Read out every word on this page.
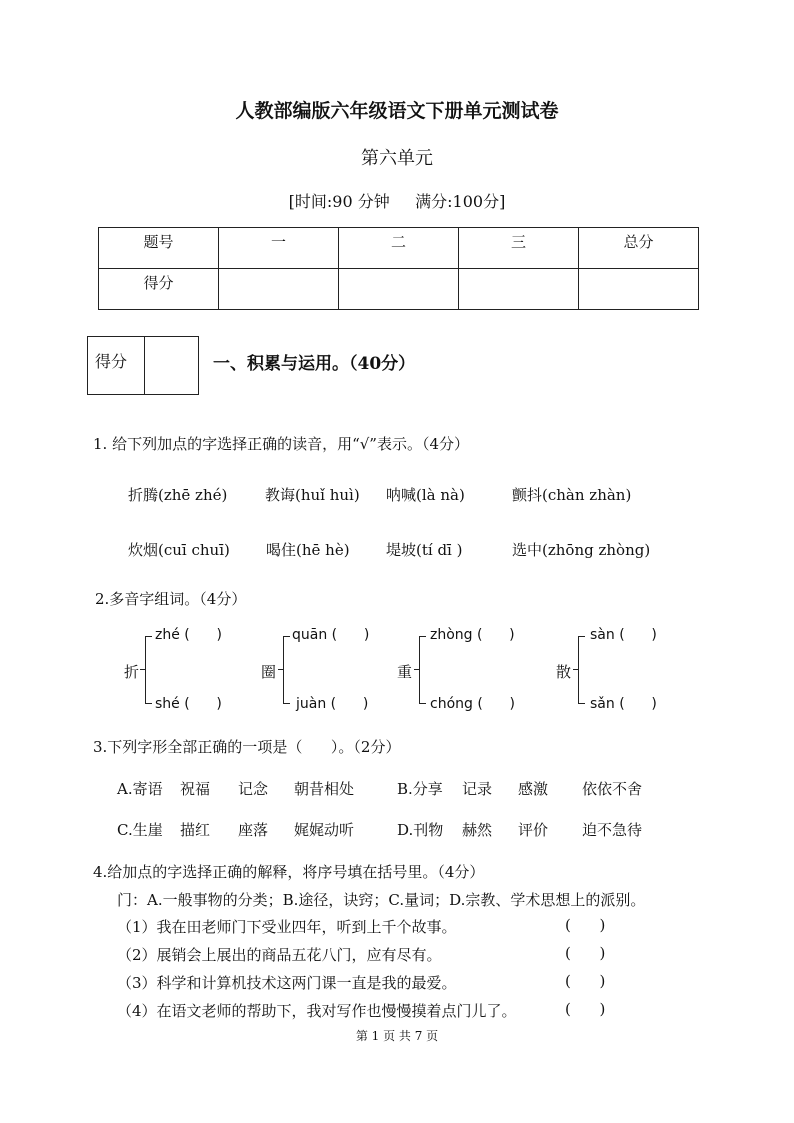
人教部编版六年级语文下册单元测试卷
第六单元
[时间:90 分钟     满分:100分]
题号	一	二	三	总分
得分				
得分	一、积累与运用。（40分）
1. 给下列加点的字选择正确的读音，用“√”表示。（4分）
折腾(zhē zhé)	教诲(huǐ huì) 呐喊(là nà)	颤抖(chàn zhàn)
炊烟(cuī chuī) 喝住(hē hè) 堤坡(tí dī )	选中(zhōng zhòng)
2.多音字组词。（4分）
折
zhé (      )
shé (      )
圈
quān (      )
juàn (      )
重
zhòng (      )
chóng (      )
散
sàn (      )
sǎn (      )
3.下列字形全部正确的一项是（      ）。（2分）
A.寄语 祝福 记念 朝昔相处	B.分享 记录 感激 依依不舍
C.生崖 描红 座落 娓娓动听	D.刊物 赫然 评价 迫不急待
4.给加点的字选择正确的解释，将序号填在括号里。（4分）
门：A.一般事物的分类；B.途径，诀窍；C.量词；D.宗教、学术思想上的派别。
（1）我在田老师门下受业四年，听到上千个故事。	(      )
（2）展销会上展出的商品五花八门，应有尽有。	(      )
（3）科学和计算机技术这两门课一直是我的最爱。	(      )
（4）在语文老师的帮助下，我对写作也慢慢摸着点门儿了。	(      )
第 1 页 共 7 页
